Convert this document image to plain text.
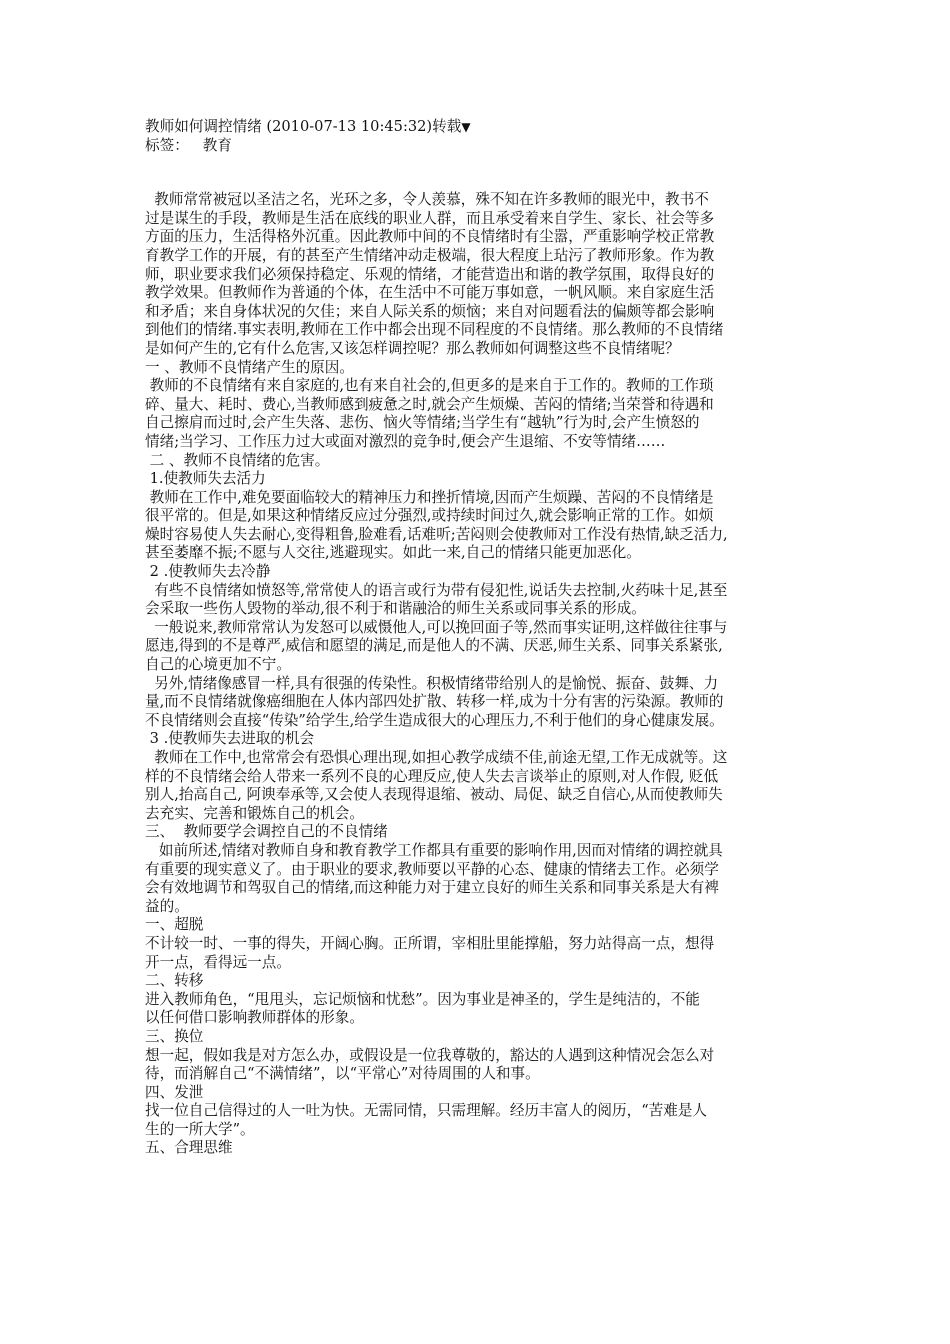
教师如何调控情绪 (2010-07-13 10:45:32)转载▼
标签： 教育
教师常常被冠以圣洁之名，光环之多，令人羡慕，殊不知在许多教师的眼光中，教书不
过是谋生的手段，教师是生活在底线的职业人群，而且承受着来自学生、家长、社会等多
方面的压力，生活得格外沉重。因此教师中间的不良情绪时有尘嚣，严重影响学校正常教
育教学工作的开展，有的甚至产生情绪冲动走极端，很大程度上玷污了教师形象。作为教
师，职业要求我们必须保持稳定、乐观的情绪，才能营造出和谐的教学氛围，取得良好的
教学效果。但教师作为普通的个体，在生活中不可能万事如意，一帆风顺。来自家庭生活
和矛盾；来自身体状况的欠佳；来自人际关系的烦恼；来自对问题看法的偏颇等都会影响
到他们的情绪.事实表明,教师在工作中都会出现不同程度的不良情绪。那么教师的不良情绪
是如何产生的,它有什么危害,又该怎样调控呢？那么教师如何调整这些不良情绪呢？
一 、教师不良情绪产生的原因。
教师的不良情绪有来自家庭的,也有来自社会的,但更多的是来自于工作的。教师的工作琐
碎、量大、耗时、费心,当教师感到疲惫之时,就会产生烦燥、苦闷的情绪;当荣誉和待遇和
自己擦肩而过时,会产生失落、悲伤、恼火等情绪;当学生有“越轨”行为时,会产生愤怒的
情绪;当学习、工作压力过大或面对激烈的竞争时,便会产生退缩、不安等情绪……
二 、教师不良情绪的危害。
1.使教师失去活力
教师在工作中,难免要面临较大的精神压力和挫折情境,因而产生烦躁、苦闷的不良情绪是
很平常的。但是,如果这种情绪反应过分强烈,或持续时间过久,就会影响正常的工作。如烦
燥时容易使人失去耐心,变得粗鲁,脸难看,话难听;苦闷则会使教师对工作没有热情,缺乏活力,
甚至萎靡不振;不愿与人交往,逃避现实。如此一来,自己的情绪只能更加恶化。
2 .使教师失去冷静
有些不良情绪如愤怒等,常常使人的语言或行为带有侵犯性,说话失去控制,火药味十足,甚至
会采取一些伤人毁物的举动,很不利于和谐融洽的师生关系或同事关系的形成。
一般说来,教师常常认为发怒可以威慑他人,可以挽回面子等,然而事实证明,这样做往往事与
愿违,得到的不是尊严,威信和愿望的满足,而是他人的不满、厌恶,师生关系、同事关系紧张,
自己的心境更加不宁。
另外,情绪像感冒一样,具有很强的传染性。积极情绪带给别人的是愉悦、振奋、鼓舞、力
量,而不良情绪就像癌细胞在人体内部四处扩散、转移一样,成为十分有害的污染源。教师的
不良情绪则会直接“传染”给学生,给学生造成很大的心理压力,不利于他们的身心健康发展。
3 .使教师失去进取的机会
教师在工作中,也常常会有恐惧心理出现,如担心教学成绩不佳,前途无望,工作无成就等。这
样的不良情绪会给人带来一系列不良的心理反应,使人失去言谈举止的原则,对人作假, 贬低
别人,抬高自己, 阿谀奉承等,又会使人表现得退缩、被动、局促、缺乏自信心,从而使教师失
去充实、完善和锻炼自己的机会。
三、  教师要学会调控自己的不良情绪
如前所述,情绪对教师自身和教育教学工作都具有重要的影响作用,因而对情绪的调控就具
有重要的现实意义了。由于职业的要求,教师要以平静的心态、健康的情绪去工作。必须学
会有效地调节和驾驭自己的情绪,而这种能力对于建立良好的师生关系和同事关系是大有裨
益的。
一、超脱
不计较一时、一事的得失，开阔心胸。正所谓，宰相肚里能撑船，努力站得高一点，想得
开一点，看得远一点。
二、转移
进入教师角色，“甩甩头，忘记烦恼和忧愁”。因为事业是神圣的，学生是纯洁的，不能
以任何借口影响教师群体的形象。
三、换位
想一起，假如我是对方怎么办，或假设是一位我尊敬的，豁达的人遇到这种情况会怎么对
待，而消解自己“不满情绪”，以“平常心”对待周围的人和事。
四、发泄
找一位自己信得过的人一吐为快。无需同情，只需理解。经历丰富人的阅历，“苦难是人
生的一所大学”。
五、合理思维
